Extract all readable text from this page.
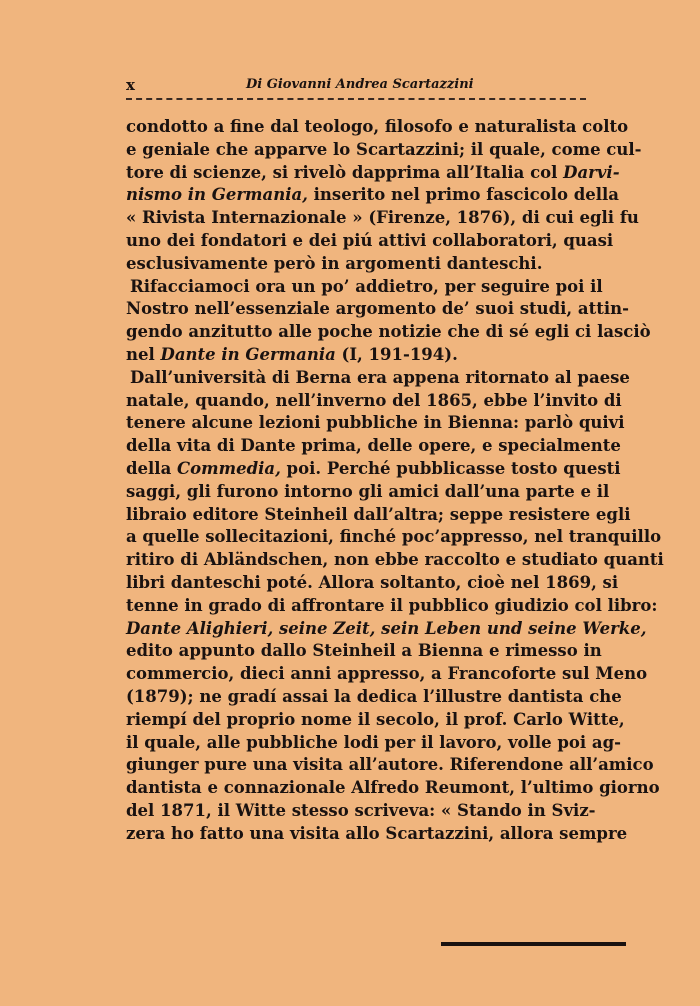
x	Di Giovanni Andrea Scartazzini
condotto a fine dal teologo, filosofo e naturalista colto
e geniale che apparve lo Scartazzini; il quale, come cul-
tore di scienze, si rivelò dapprima all’Italia col Darvi-
nismo in Germania, inserito nel primo fascicolo della
« Rivista Internazionale » (Firenze, 1876), di cui egli fu
uno dei fondatori e dei piú attivi collaboratori, quasi
esclusivamente però in argomenti danteschi.
Rifacciamoci ora un po’ addietro, per seguire poi il
Nostro nell’essenziale argomento de’ suoi studi, attin-
gendo anzitutto alle poche notizie che di sé egli ci lasciò
nel Dante in Germania (I, 191-194).
Dall’università di Berna era appena ritornato al paese
natale, quando, nell’inverno del 1865, ebbe l’invito di
tenere alcune lezioni pubbliche in Bienna: parlò quivi
della vita di Dante prima, delle opere, e specialmente
della Commedia, poi. Perché pubblicasse tosto questi
saggi, gli furono intorno gli amici dall’una parte e il
libraio editore Steinheil dall’altra; seppe resistere egli
a quelle sollecitazioni, finché poc’appresso, nel tranquillo
ritiro di Abländschen, non ebbe raccolto e studiato quanti
libri danteschi poté. Allora soltanto, cioè nel 1869, si
tenne in grado di affrontare il pubblico giudizio col libro:
Dante Alighieri, seine Zeit, sein Leben und seine Werke,
edito appunto dallo Steinheil a Bienna e rimesso in
commercio, dieci anni appresso, a Francoforte sul Meno
(1879); ne gradí assai la dedica l’illustre dantista che
riempí del proprio nome il secolo, il prof. Carlo Witte,
il quale, alle pubbliche lodi per il lavoro, volle poi ag-
giunger pure una visita all’autore. Riferendone all’amico
dantista e connazionale Alfredo Reumont, l’ultimo giorno
del 1871, il Witte stesso scriveva: « Stando in Sviz-
zera ho fatto una visita allo Scartazzini, allora sempre
